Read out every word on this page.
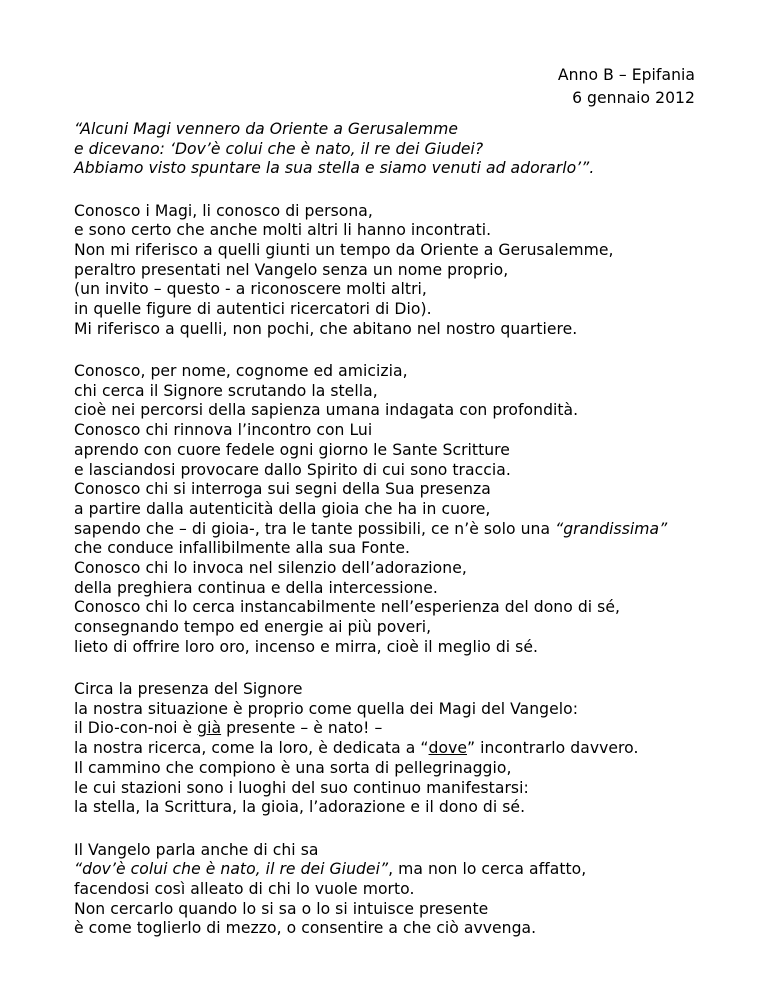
Anno B – Epifania
6 gennaio 2012
“Alcuni Magi vennero da Oriente a Gerusalemme
e dicevano: ‘Dov’è colui che è nato, il re dei Giudei?
Abbiamo visto spuntare la sua stella e siamo venuti ad adorarlo’”.
Conosco i Magi, li conosco di persona,
e sono certo che anche molti altri li hanno incontrati.
Non mi riferisco a quelli giunti un tempo da Oriente a Gerusalemme,
peraltro presentati nel Vangelo senza un nome proprio,
(un invito – questo - a riconoscere molti altri,
in quelle figure di autentici ricercatori di Dio).
Mi riferisco a quelli, non pochi, che abitano nel nostro quartiere.
Conosco, per nome, cognome ed amicizia,
chi cerca il Signore scrutando la stella,
cioè nei percorsi della sapienza umana indagata con profondità.
Conosco chi rinnova l’incontro con Lui
aprendo con cuore fedele ogni giorno le Sante Scritture
e lasciandosi provocare dallo Spirito di cui sono traccia.
Conosco chi si interroga sui segni della Sua presenza
a partire dalla autenticità della gioia che ha in cuore,
sapendo che – di gioia-, tra le tante possibili, ce n’è solo una “grandissima”
che conduce infallibilmente alla sua Fonte.
Conosco chi lo invoca nel silenzio dell’adorazione,
della preghiera continua e della intercessione.
Conosco chi lo cerca instancabilmente nell’esperienza del dono di sé,
consegnando tempo ed energie ai più poveri,
lieto di offrire loro oro, incenso e mirra, cioè il meglio di sé.
Circa la presenza del Signore
la nostra situazione è proprio come quella dei Magi del Vangelo:
il Dio-con-noi è già presente – è nato! –
la nostra ricerca, come la loro, è dedicata a “dove” incontrarlo davvero.
Il cammino che compiono è una sorta di pellegrinaggio,
le cui stazioni sono i luoghi del suo continuo manifestarsi:
la stella, la Scrittura, la gioia, l’adorazione e il dono di sé.
Il Vangelo parla anche di chi sa
“dov’è colui che è nato, il re dei Giudei”, ma non lo cerca affatto,
facendosi così alleato di chi lo vuole morto.
Non cercarlo quando lo si sa o lo si intuisce presente
è come toglierlo di mezzo, o consentire a che ciò avvenga.
